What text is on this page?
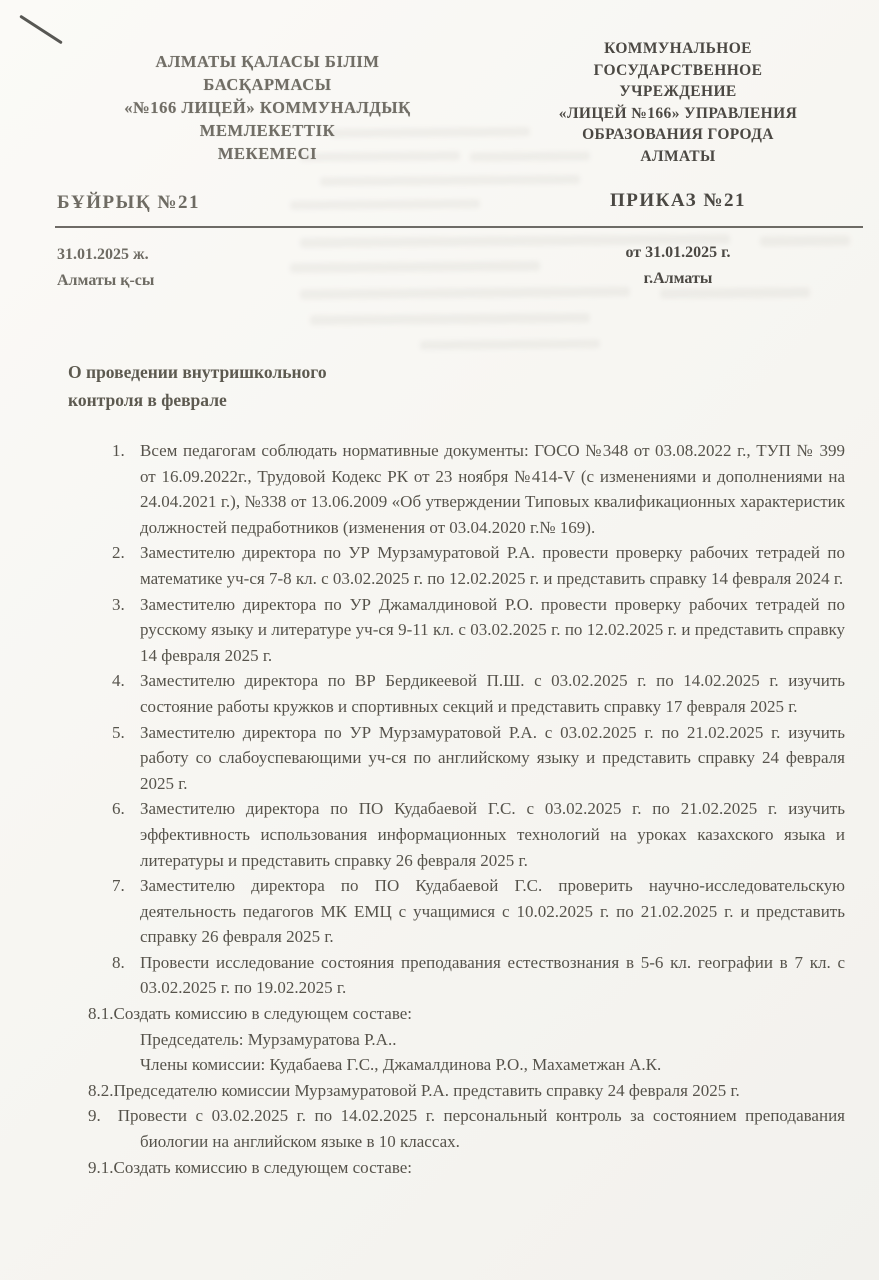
АЛМАТЫ ҚАЛАСЫ БІЛІМ
БАСҚАРМАСЫ
«№166 ЛИЦЕЙ» КОММУНАЛДЫҚ
МЕМЛЕКЕТТІК
МЕКЕМЕСІ
КОММУНАЛЬНОЕ
ГОСУДАРСТВЕННОЕ
УЧРЕЖДЕНИЕ
«ЛИЦЕЙ №166» УПРАВЛЕНИЯ
ОБРАЗОВАНИЯ ГОРОДА
АЛМАТЫ
БҰЙРЫҚ №21	ПРИКАЗ №21
31.01.2025 ж.
Алматы қ-сы
от 31.01.2025 г.
г.Алматы
О проведении внутришкольного
контроля в феврале
1. Всем педагогам соблюдать нормативные документы: ГОСО №348 от 03.08.2022 г., ТУП № 399 от 16.09.2022г., Трудовой Кодекс РК от 23 ноября №414-V (с изменениями и дополнениями на 24.04.2021 г.), №338 от 13.06.2009 «Об утверждении Типовых квалификационных характеристик должностей педработников (изменения от 03.04.2020 г.№ 169).
2. Заместителю директора по УР Мурзамуратовой Р.А. провести проверку рабочих тетрадей по математике уч-ся 7-8 кл. с 03.02.2025 г. по 12.02.2025 г. и представить справку 14 февраля 2024 г.
3. Заместителю директора по УР Джамалдиновой Р.О. провести проверку рабочих тетрадей по русскому языку и литературе уч-ся 9-11 кл. с 03.02.2025 г. по 12.02.2025 г. и представить справку 14 февраля 2025 г.
4. Заместителю директора по ВР Бердикеевой П.Ш. с 03.02.2025 г. по 14.02.2025 г. изучить состояние работы кружков и спортивных секций и представить справку 17 февраля 2025 г.
5. Заместителю директора по УР Мурзамуратовой Р.А. с 03.02.2025 г. по 21.02.2025 г. изучить работу со слабоуспевающими уч-ся по английскому языку и представить справку 24 февраля 2025 г.
6. Заместителю директора по ПО Кудабаевой Г.С. с 03.02.2025 г. по 21.02.2025 г. изучить эффективность использования информационных технологий на уроках казахского языка и литературы и представить справку 26 февраля 2025 г.
7. Заместителю директора по ПО Кудабаевой Г.С. проверить научно-исследовательскую деятельность педагогов МК ЕМЦ с учащимися с 10.02.2025 г. по 21.02.2025 г. и представить справку 26 февраля 2025 г.
8. Провести исследование состояния преподавания естествознания в 5-6 кл. географии в 7 кл. с 03.02.2025 г. по 19.02.2025 г.
8.1.Создать комиссию в следующем составе:
Председатель: Мурзамуратова Р.А..
Члены комиссии: Кудабаева Г.С., Джамалдинова Р.О., Махаметжан А.К.
8.2.Председателю комиссии Мурзамуратовой Р.А. представить справку 24 февраля 2025 г.
9. Провести с 03.02.2025 г. по 14.02.2025 г. персональный контроль за состоянием преподавания биологии на английском языке в 10 классах.
9.1.Создать комиссию в следующем составе:
